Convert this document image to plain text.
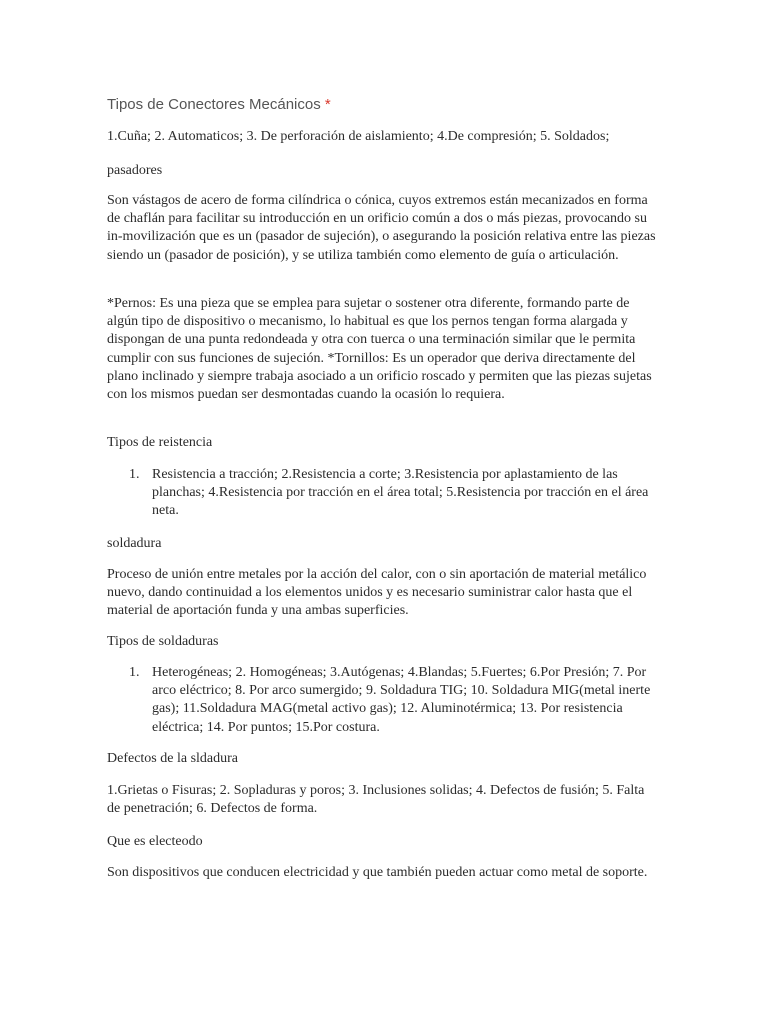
Tipos de Conectores Mecánicos *

1.Cuña; 2. Automaticos; 3. De perforación de aislamiento; 4.De compresión; 5. Soldados;

pasadores

Son vástagos de acero de forma cilíndrica o cónica, cuyos extremos están mecanizados en forma de chaflán para facilitar su introducción en un orificio común a dos o más piezas, provocando su in-movilización que es un (pasador de sujeción), o asegurando la posición relativa entre las piezas siendo un (pasador de posición), y se utiliza también como elemento de guía o articulación.

*Pernos: Es una pieza que se emplea para sujetar o sostener otra diferente, formando parte de algún tipo de dispositivo o mecanismo, lo habitual es que los pernos tengan forma alargada y dispongan de una punta redondeada y otra con tuerca o una terminación similar que le permita cumplir con sus funciones de sujeción. *Tornillos: Es un operador que deriva directamente del plano inclinado y siempre trabaja asociado a un orificio roscado y permiten que las piezas sujetas con los mismos puedan ser desmontadas cuando la ocasión lo requiera.

Tipos de reistencia

1. Resistencia a tracción; 2.Resistencia a corte; 3.Resistencia por aplastamiento de las planchas; 4.Resistencia por tracción en el área total; 5.Resistencia por tracción en el área neta.

soldadura

Proceso de unión entre metales por la acción del calor, con o sin aportación de material metálico nuevo, dando continuidad a los elementos unidos y es necesario suministrar calor hasta que el material de aportación funda y una ambas superficies.

Tipos de soldaduras

1. Heterogéneas; 2. Homogéneas; 3.Autógenas; 4.Blandas; 5.Fuertes; 6.Por Presión; 7. Por arco eléctrico; 8. Por arco sumergido; 9. Soldadura TIG; 10. Soldadura MIG(metal inerte gas); 11.Soldadura MAG(metal activo gas); 12. Aluminotérmica; 13. Por resistencia eléctrica; 14. Por puntos; 15.Por costura.

Defectos de la sldadura

1.Grietas o Fisuras; 2. Sopladuras y poros; 3. Inclusiones solidas; 4. Defectos de fusión; 5. Falta de penetración; 6. Defectos de forma.

Que es electeodo

Son dispositivos que conducen electricidad y que también pueden actuar como metal de soporte.
